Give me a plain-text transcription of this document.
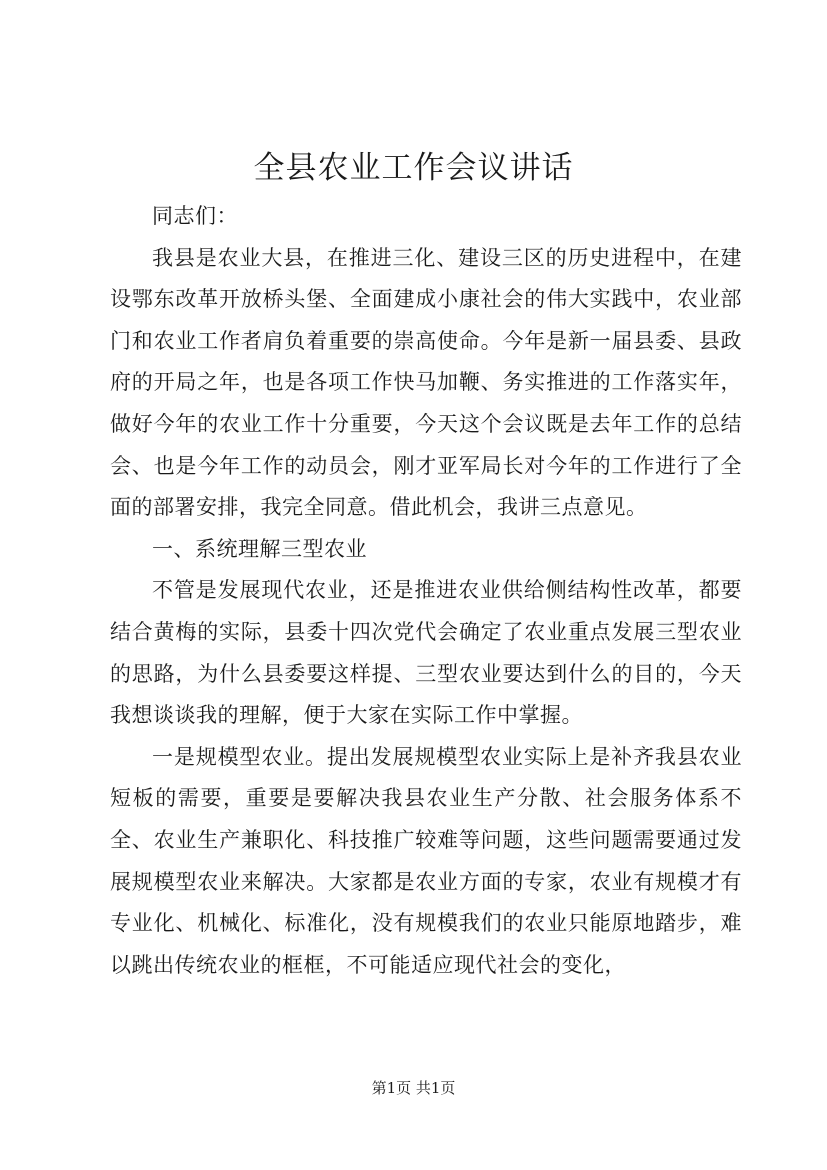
全县农业工作会议讲话

同志们：

我县是农业大县，在推进三化、建设三区的历史进程中，在建设鄂东改革开放桥头堡、全面建成小康社会的伟大实践中，农业部门和农业工作者肩负着重要的崇高使命。今年是新一届县委、县政府的开局之年，也是各项工作快马加鞭、务实推进的工作落实年，做好今年的农业工作十分重要，今天这个会议既是去年工作的总结会、也是今年工作的动员会，刚才亚军局长对今年的工作进行了全面的部署安排，我完全同意。借此机会，我讲三点意见。

一、系统理解三型农业

不管是发展现代农业，还是推进农业供给侧结构性改革，都要结合黄梅的实际，县委十四次党代会确定了农业重点发展三型农业的思路，为什么县委要这样提、三型农业要达到什么的目的，今天我想谈谈我的理解，便于大家在实际工作中掌握。

一是规模型农业。提出发展规模型农业实际上是补齐我县农业短板的需要，重要是要解决我县农业生产分散、社会服务体系不全、农业生产兼职化、科技推广较难等问题，这些问题需要通过发展规模型农业来解决。大家都是农业方面的专家，农业有规模才有专业化、机械化、标准化，没有规模我们的农业只能原地踏步，难以跳出传统农业的框框，不可能适应现代社会的变化，

第1页 共1页
